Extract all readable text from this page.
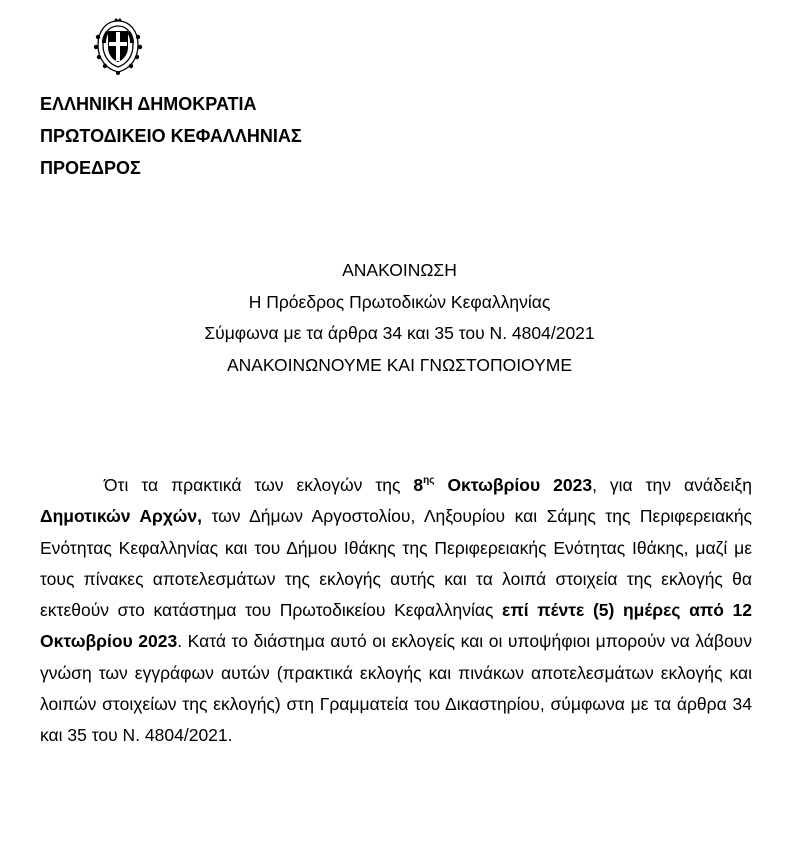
ΕΛΛΗΝΙΚΗ ΔΗΜΟΚΡΑΤΙΑ
ΠΡΩΤΟΔΙΚΕΙΟ ΚΕΦΑΛΛΗΝΙΑΣ
ΠΡΟΕΔΡΟΣ
ΑΝΑΚΟΙΝΩΣΗ
Η Πρόεδρος Πρωτοδικών Κεφαλληνίας
Σύμφωνα με τα άρθρα 34 και 35 του Ν. 4804/2021
ΑΝΑΚΟΙΝΩΝΟΥΜΕ ΚΑΙ ΓΝΩΣΤΟΠΟΙΟΥΜΕ

Ότι τα πρακτικά των εκλογών της $8^{\eta\varsigma}$ Οκτωβρίου 2023, για την ανάδειξη Δημοτικών Αρχών, των Δήμων Αργοστολίου, Ληξουρίου και Σάμης της Περιφερειακής Ενότητας Κεφαλληνίας και του Δήμου Ιθάκης της Περιφερειακής Ενότητας Ιθάκης, μαζί με τους πίνακες αποτελεσμάτων της εκλογής αυτής και τα λοιπά στοιχεία της εκλογής θα εκτεθούν στο κατάστημα του Πρωτοδικείου Κεφαλληνίας επί πέντε (5) ημέρες από 12 Οκτωβρίου 2023. Κατά το διάστημα αυτό οι εκλογείς και οι υποψήφιοι μπορούν να λάβουν γνώση των εγγράφων αυτών (πρακτικά εκλογής και πινάκων αποτελεσμάτων εκλογής και λοιπών στοιχείων της εκλογής) στη Γραμματεία του Δικαστηρίου, σύμφωνα με τα άρθρα 34 και 35 του Ν. 4804/2021.
